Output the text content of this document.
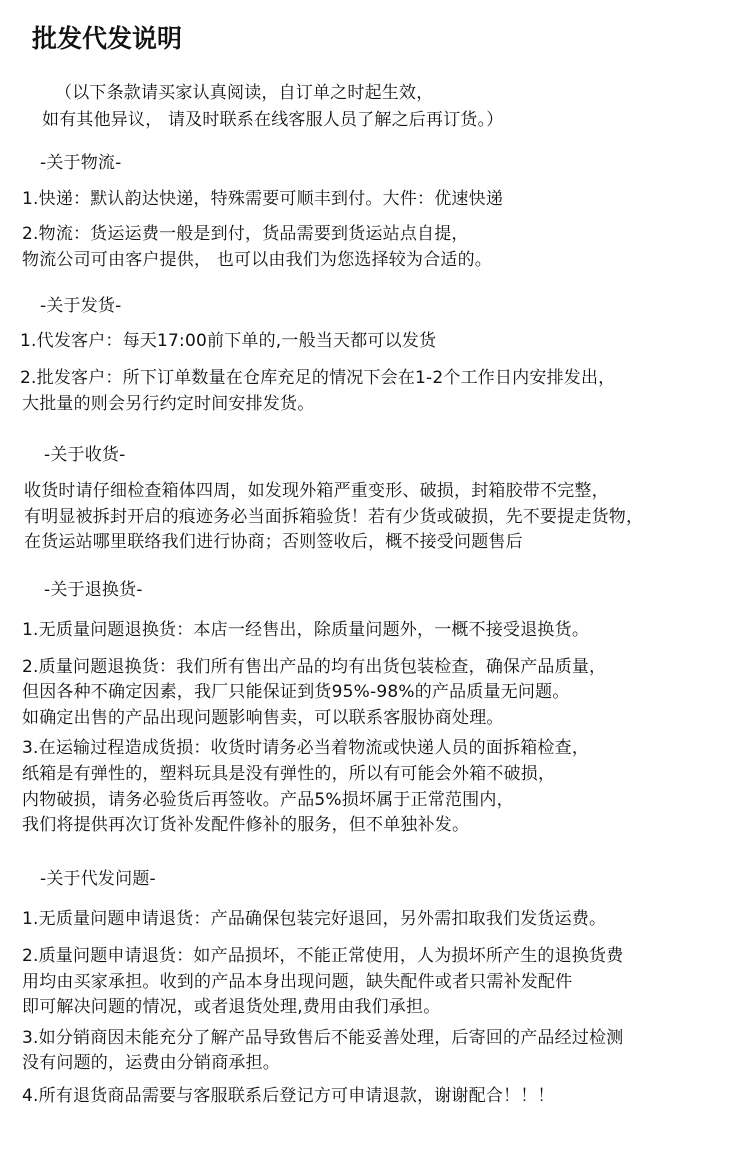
批发代发说明
（以下条款请买家认真阅读，自订单之时起生效，
如有其他异议， 请及时联系在线客服人员了解之后再订货。）
-关于物流-
1.快递：默认韵达快递，特殊需要可顺丰到付。大件：优速快递
2.物流：货运运费一般是到付，货品需要到货运站点自提，
物流公司可由客户提供， 也可以由我们为您选择较为合适的。
-关于发货-
1.代发客户：每天17:00前下单的,一般当天都可以发货
2.批发客户：所下订单数量在仓库充足的情况下会在1-2个工作日内安排发出，
大批量的则会另行约定时间安排发货。
-关于收货-
收货时请仔细检查箱体四周，如发现外箱严重变形、破损，封箱胶带不完整，
有明显被拆封开启的痕迹务必当面拆箱验货！若有少货或破损，先不要提走货物，
在货运站哪里联络我们进行协商；否则签收后，概不接受问题售后
-关于退换货-
1.无质量问题退换货：本店一经售出，除质量问题外，一概不接受退换货。
2.质量问题退换货：我们所有售出产品的均有出货包装检查，确保产品质量，
但因各种不确定因素，我厂只能保证到货95%-98%的产品质量无问题。
如确定出售的产品出现问题影响售卖，可以联系客服协商处理。
3.在运输过程造成货损：收货时请务必当着物流或快递人员的面拆箱检查，
纸箱是有弹性的，塑料玩具是没有弹性的，所以有可能会外箱不破损，
内物破损，请务必验货后再签收。产品5%损坏属于正常范围内，
我们将提供再次订货补发配件修补的服务，但不单独补发。
-关于代发问题-
1.无质量问题申请退货：产品确保包装完好退回，另外需扣取我们发货运费。
2.质量问题申请退货：如产品损坏，不能正常使用，人为损坏所产生的退换货费
用均由买家承担。收到的产品本身出现问题，缺失配件或者只需补发配件
即可解决问题的情况，或者退货处理,费用由我们承担。
3.如分销商因未能充分了解产品导致售后不能妥善处理，后寄回的产品经过检测
没有问题的，运费由分销商承担。
4.所有退货商品需要与客服联系后登记方可申请退款，谢谢配合！！！
